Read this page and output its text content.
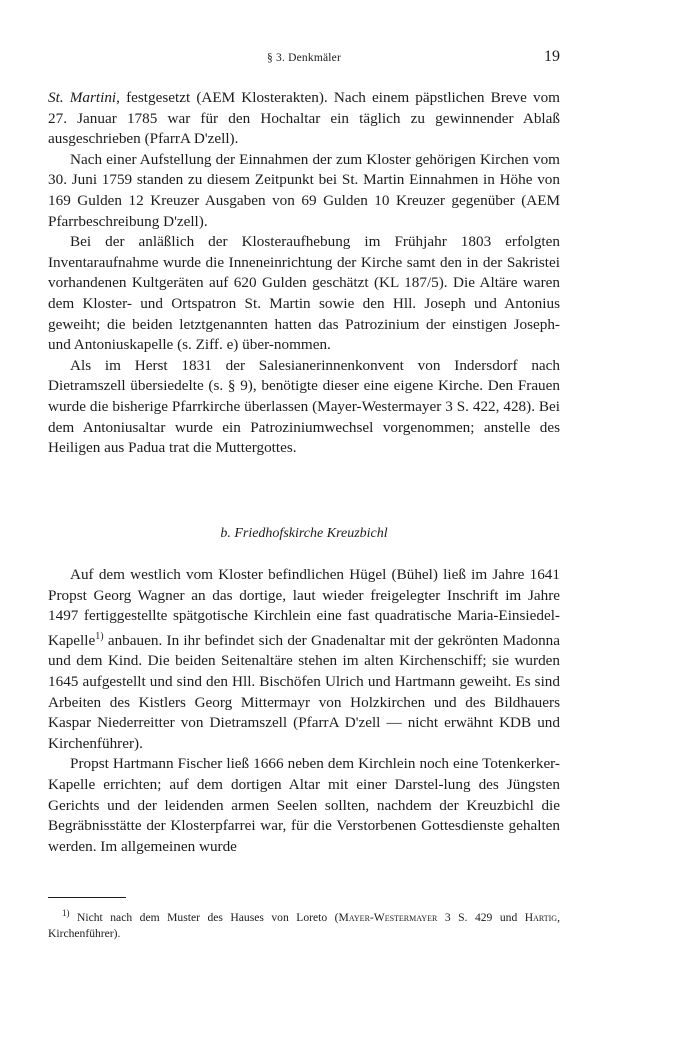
§ 3. Denkmäler	19

St. Martini, festgesetzt (AEM Klosterakten). Nach einem päpstlichen Breve vom 27. Januar 1785 war für den Hochaltar ein täglich zu gewinnender Ablaß ausgeschrieben (PfarrA D'zell).

Nach einer Aufstellung der Einnahmen der zum Kloster gehörigen Kirchen vom 30. Juni 1759 standen zu diesem Zeitpunkt bei St. Martin Einnahmen in Höhe von 169 Gulden 12 Kreuzer Ausgaben von 69 Gulden 10 Kreuzer gegenüber (AEM Pfarrbeschreibung D'zell).

Bei der anläßlich der Klosteraufhebung im Frühjahr 1803 erfolgten Inventaraufnahme wurde die Inneneinrichtung der Kirche samt den in der Sakristei vorhandenen Kultgeräten auf 620 Gulden geschätzt (KL 187/5). Die Altäre waren dem Kloster- und Ortspatron St. Martin sowie den Hll. Joseph und Antonius geweiht; die beiden letztgenannten hatten das Patrozinium der einstigen Joseph- und Antoniuskapelle (s. Ziff. e) über-nommen.

Als im Herst 1831 der Salesianerinnenkonvent von Indersdorf nach Dietramszell übersiedelte (s. § 9), benötigte dieser eine eigene Kirche. Den Frauen wurde die bisherige Pfarrkirche überlassen (Mayer-Westermayer 3 S. 422, 428). Bei dem Antoniusaltar wurde ein Patroziniumwechsel vorgenommen; anstelle des Heiligen aus Padua trat die Muttergottes.

b. Friedhofskirche Kreuzbichl

Auf dem westlich vom Kloster befindlichen Hügel (Bühel) ließ im Jahre 1641 Propst Georg Wagner an das dortige, laut wieder freigelegter Inschrift im Jahre 1497 fertiggestellte spätgotische Kirchlein eine fast quadratische Maria-Einsiedel-Kapelle$^{1)}$ anbauen. In ihr befindet sich der Gnadenaltar mit der gekrönten Madonna und dem Kind. Die beiden Seitenaltäre stehen im alten Kirchenschiff; sie wurden 1645 aufgestellt und sind den Hll. Bischöfen Ulrich und Hartmann geweiht. Es sind Arbeiten des Kistlers Georg Mittermayr von Holzkirchen und des Bildhauers Kaspar Niederreitter von Dietramszell (PfarrA D'zell — nicht erwähnt KDB und Kirchenführer).

Propst Hartmann Fischer ließ 1666 neben dem Kirchlein noch eine Totenkerker-Kapelle errichten; auf dem dortigen Altar mit einer Darstel-lung des Jüngsten Gerichts und der leidenden armen Seelen sollten, nachdem der Kreuzbichl die Begräbnisstätte der Klosterpfarrei war, für die Verstorbenen Gottesdienste gehalten werden. Im allgemeinen wurde

$^{1)}$ Nicht nach dem Muster des Hauses von Loreto (Mayer-Westermayer 3 S. 429 und Hartig, Kirchenführer).
